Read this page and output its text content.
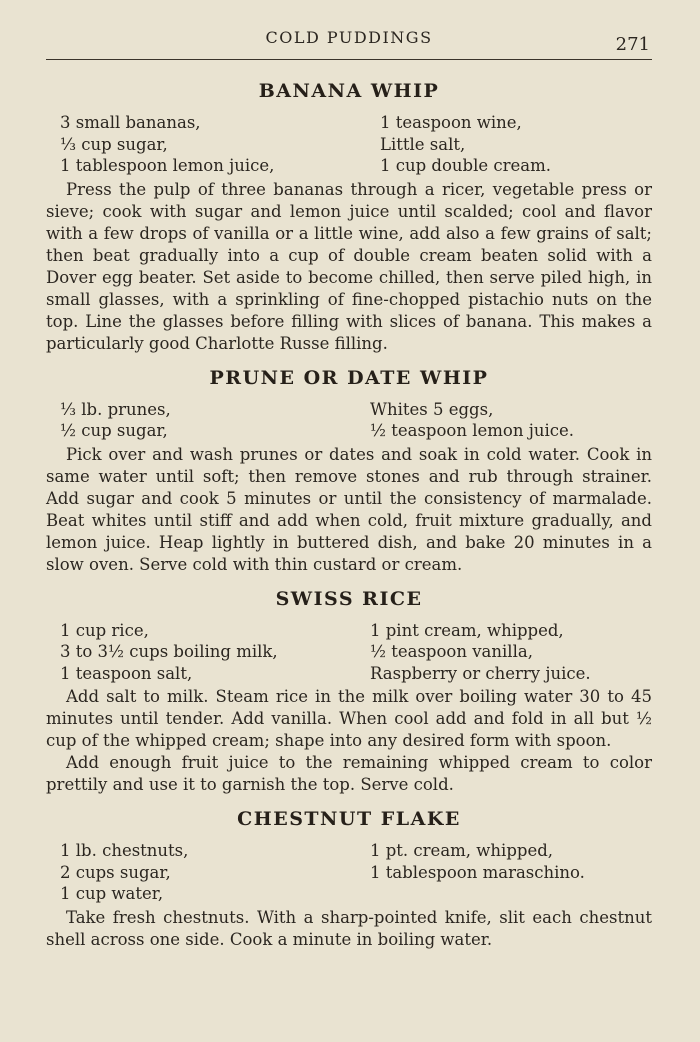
COLD PUDDINGS	271
BANANA WHIP
3 small bananas,	1 teaspoon wine,
⅓ cup sugar,	Little salt,
1 tablespoon lemon juice,	1 cup double cream.

Press the pulp of three bananas through a ricer, vegetable press or sieve; cook with sugar and lemon juice until scalded; cool and flavor with a few drops of vanilla or a little wine, add also a few grains of salt; then beat gradually into a cup of double cream beaten solid with a Dover egg beater. Set aside to become chilled, then serve piled high, in small glasses, with a sprinkling of fine-chopped pistachio nuts on the top. Line the glasses before filling with slices of banana. This makes a particularly good Charlotte Russe filling.

PRUNE OR DATE WHIP
⅓ lb. prunes,	Whites 5 eggs,
½ cup sugar,	½ teaspoon lemon juice.

Pick over and wash prunes or dates and soak in cold water. Cook in same water until soft; then remove stones and rub through strainer. Add sugar and cook 5 minutes or until the consistency of marmalade. Beat whites until stiff and add when cold, fruit mixture gradually, and lemon juice. Heap lightly in buttered dish, and bake 20 minutes in a slow oven. Serve cold with thin custard or cream.

SWISS RICE
1 cup rice,	1 pint cream, whipped,
3 to 3½ cups boiling milk,	½ teaspoon vanilla,
1 teaspoon salt,	Raspberry or cherry juice.

Add salt to milk. Steam rice in the milk over boiling water 30 to 45 minutes until tender. Add vanilla. When cool add and fold in all but ½ cup of the whipped cream; shape into any desired form with spoon.

Add enough fruit juice to the remaining whipped cream to color prettily and use it to garnish the top. Serve cold.

CHESTNUT FLAKE
1 lb. chestnuts,	1 pt. cream, whipped,
2 cups sugar,	1 tablespoon maraschino.
1 cup water,

Take fresh chestnuts. With a sharp-pointed knife, slit each chestnut shell across one side. Cook a minute in boiling water.
